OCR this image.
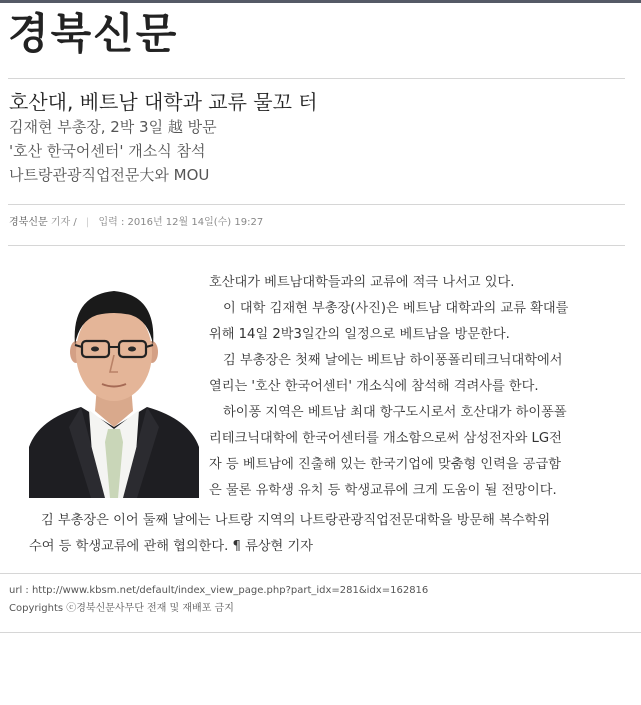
경북신문
호산대, 베트남 대학과 교류 물꼬 터
김재현 부총장, 2박 3일 越 방문
'호산 한국어센터' 개소식 참석
나트랑관광직업전문大와 MOU
경북신문 기자 / | 입력 : 2016년 12월 14일(수) 19:27
호산대가 베트남대학들과의 교류에 적극 나서고 있다.
이 대학 김재현 부총장(사진)은 베트남 대학과의 교류 확대를
위해 14일 2박3일간의 일정으로 베트남을 방문한다.
김 부총장은 첫째 날에는 베트남 하이퐁폴리테크닉대학에서
열리는 '호산 한국어센터' 개소식에 참석해 격려사를 한다.
하이퐁 지역은 베트남 최대 항구도시로서 호산대가 하이퐁폴
리테크닉대학에 한국어센터를 개소함으로써 삼성전자와 LG전
자 등 베트남에 진출해 있는 한국기업에 맞춤형 인력을 공급함
은 물론 유학생 유치 등 학생교류에 크게 도움이 될 전망이다.
김 부총장은 이어 둘째 날에는 나트랑 지역의 나트랑관광직업전문대학을 방문해 복수학위
수여 등 학생교류에 관해 협의한다. ¶ 류상현 기자
url : http://www.kbsm.net/default/index_view_page.php?part_idx=281&idx=162816
Copyrights ⓒ경북신문사무단 전재 및 재배포 금지
